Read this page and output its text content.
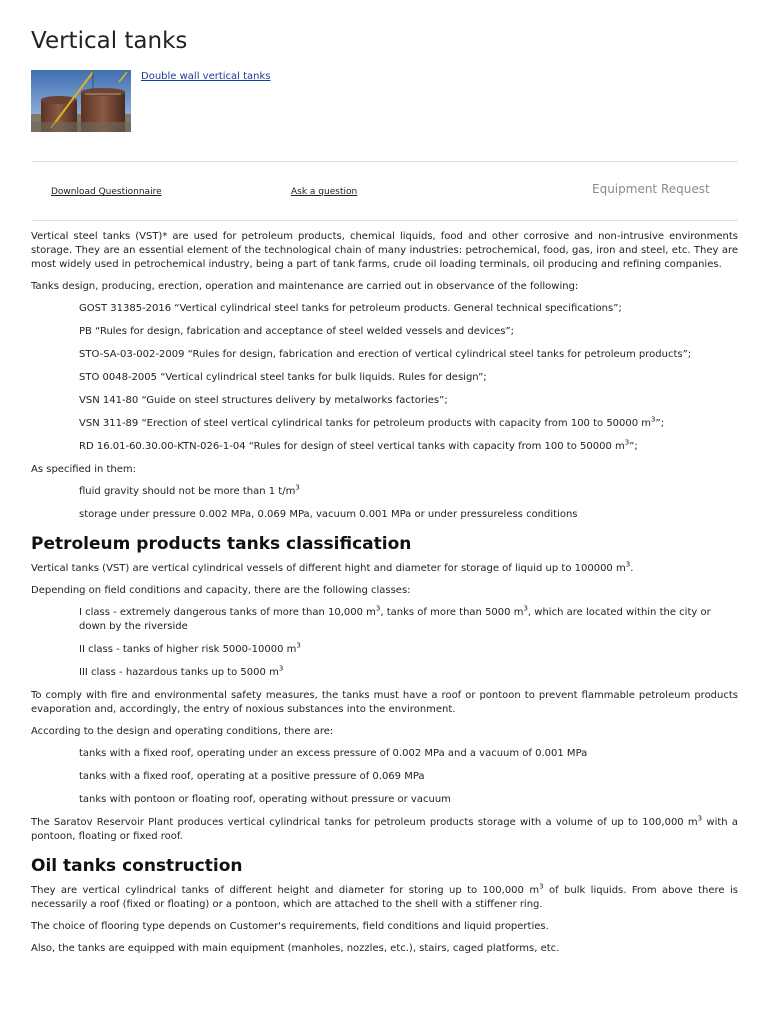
Vertical tanks
Double wall vertical tanks
Download Questionnaire	Ask a question	Equipment Request

Vertical steel tanks (VST)* are used for petroleum products, chemical liquids, food and other corrosive and non-intrusive environments storage. They are an essential element of the technological chain of many industries: petrochemical, food, gas, iron and steel, etc. They are most widely used in petrochemical industry, being a part of tank farms, crude oil loading terminals, oil producing and refining companies.

Tanks design, producing, erection, operation and maintenance are carried out in observance of the following:

GOST 31385-2016 “Vertical cylindrical steel tanks for petroleum products. General technical specifications”;
PB “Rules for design, fabrication and acceptance of steel welded vessels and devices”;
STO-SA-03-002-2009 “Rules for design, fabrication and erection of vertical cylindrical steel tanks for petroleum products”;
STO 0048-2005 “Vertical cylindrical steel tanks for bulk liquids. Rules for design”;
VSN 141-80 “Guide on steel structures delivery by metalworks factories”;
VSN 311-89 “Erection of steel vertical cylindrical tanks for petroleum products with capacity from 100 to 50000 $m^3$”;
RD 16.01-60.30.00-KTN-026-1-04 “Rules for design of steel vertical tanks with capacity from 100 to 50000 $m^3$”;

As specified in them:

fluid gravity should not be more than 1 $t/m^3$
storage under pressure 0.002 MPa, 0.069 MPa, vacuum 0.001 MPa or under pressureless conditions
Petroleum products tanks classification

Vertical tanks (VST) are vertical cylindrical vessels of different hight and diameter for storage of liquid up to 100000 $m^3$.

Depending on field conditions and capacity, there are the following classes:

I class - extremely dangerous tanks of more than 10,000 $m^3$, tanks of more than 5000 $m^3$, which are located within the city or down by the riverside
II class - tanks of higher risk 5000-10000 $m^3$
III class - hazardous tanks up to 5000 $m^3$

To comply with fire and environmental safety measures, the tanks must have a roof or pontoon to prevent flammable petroleum products evaporation and, accordingly, the entry of noxious substances into the environment.

According to the design and operating conditions, there are:

tanks with a fixed roof, operating under an excess pressure of 0.002 MPa and a vacuum of 0.001 MPa
tanks with a fixed roof, operating at a positive pressure of 0.069 MPa
tanks with pontoon or floating roof, operating without pressure or vacuum

The Saratov Reservoir Plant produces vertical cylindrical tanks for petroleum products storage with a volume of up to 100,000 $m^3$ with a pontoon, floating or fixed roof.

Oil tanks construction

They are vertical cylindrical tanks of different height and diameter for storing up to 100,000 $m^3$ of bulk liquids. From above there is necessarily a roof (fixed or floating) or a pontoon, which are attached to the shell with a stiffener ring.

The choice of flooring type depends on Customer's requirements, field conditions and liquid properties.

Also, the tanks are equipped with main equipment (manholes, nozzles, etc.), stairs, caged platforms, etc.
